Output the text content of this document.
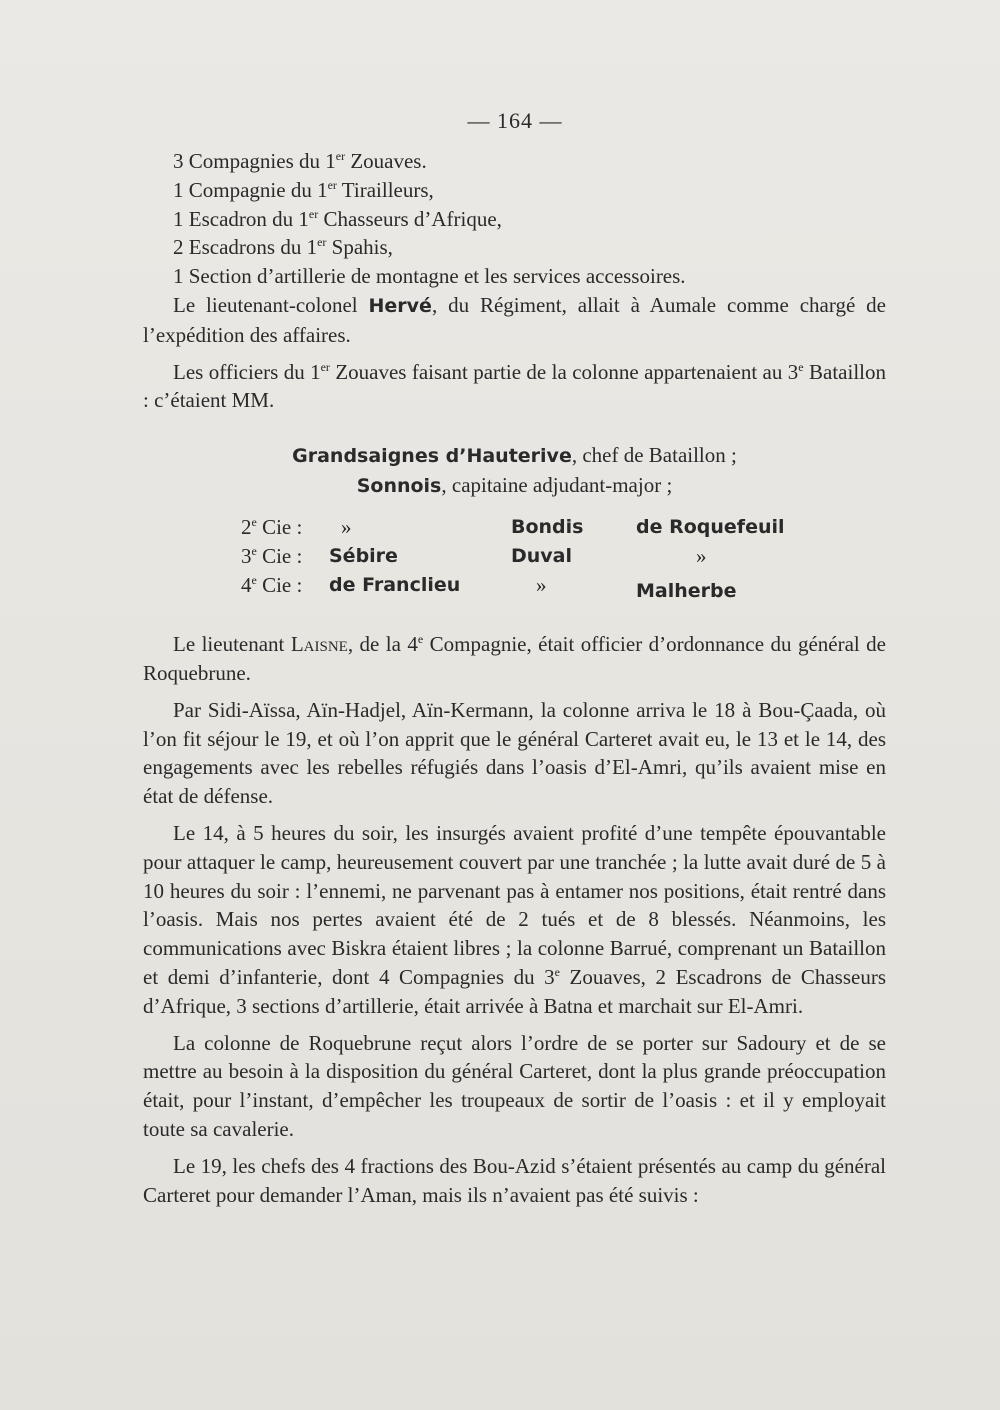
— 164 —
3 Compagnies du 1er Zouaves.
1 Compagnie du 1er Tirailleurs,
1 Escadron du 1er Chasseurs d’Afrique,
2 Escadrons du 1er Spahis,
1 Section d’artillerie de montagne et les services accessoires.

Le lieutenant-colonel Hervé, du Régiment, allait à Aumale comme chargé de l’expédition des affaires.

Les officiers du 1er Zouaves faisant partie de la colonne appartenaient au 3e Bataillon : c’étaient MM.

Grandsaignes d’Hauterive, chef de Bataillon ;
Sonnois, capitaine adjudant-major ;
2e Cie : »	Bondis	de Roquefeuil
3e Cie : Sébire	Duval	»
4e Cie : de Franclieu	»	Malherbe

Le lieutenant Laisne, de la 4e Compagnie, était officier d’ordonnance du général de Roquebrune.

Par Sidi-Aïssa, Aïn-Hadjel, Aïn-Kermann, la colonne arriva le 18 à Bou-Çaada, où l’on fit séjour le 19, et où l’on apprit que le général Carteret avait eu, le 13 et le 14, des engagements avec les rebelles réfugiés dans l’oasis d’El-Amri, qu’ils avaient mise en état de défense.

Le 14, à 5 heures du soir, les insurgés avaient profité d’une tempête épouvantable pour attaquer le camp, heureusement couvert par une tranchée ; la lutte avait duré de 5 à 10 heures du soir : l’ennemi, ne parvenant pas à entamer nos positions, était rentré dans l’oasis. Mais nos pertes avaient été de 2 tués et de 8 blessés. Néanmoins, les communications avec Biskra étaient libres ; la colonne Barrué, comprenant un Bataillon et demi d’infanterie, dont 4 Compagnies du 3e Zouaves, 2 Escadrons de Chasseurs d’Afrique, 3 sections d’artillerie, était arrivée à Batna et marchait sur El-Amri.

La colonne de Roquebrune reçut alors l’ordre de se porter sur Sadoury et de se mettre au besoin à la disposition du général Carteret, dont la plus grande préoccupation était, pour l’instant, d’empêcher les troupeaux de sortir de l’oasis : et il y employait toute sa cavalerie.

Le 19, les chefs des 4 fractions des Bou-Azid s’étaient présentés au camp du général Carteret pour demander l’Aman, mais ils n’avaient pas été suivis :
